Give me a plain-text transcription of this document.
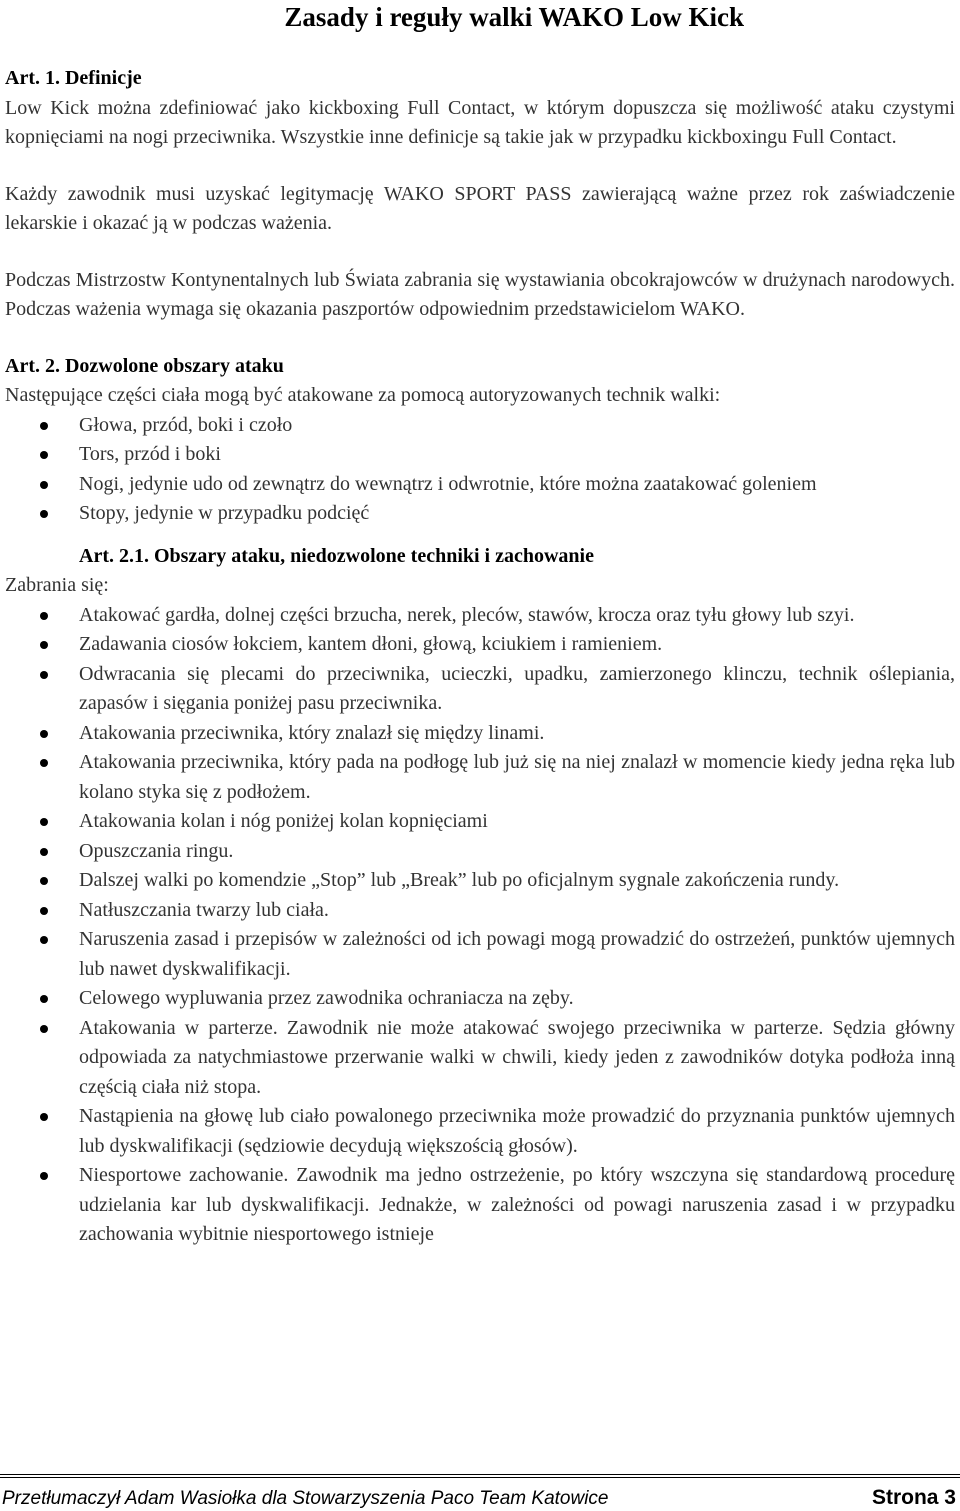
Zasady i reguły walki WAKO Low Kick

Art. 1. Definicje

Low Kick można zdefiniować jako kickboxing Full Contact, w którym dopuszcza się możliwość ataku czystymi kopnięciami na nogi przeciwnika. Wszystkie inne definicje są takie jak w przypadku kickboxingu Full Contact.

Każdy zawodnik musi uzyskać legitymację WAKO SPORT PASS zawierającą ważne przez rok zaświadczenie lekarskie i okazać ją w podczas ważenia.

Podczas Mistrzostw Kontynentalnych lub Świata zabrania się wystawiania obcokrajowców w drużynach narodowych. Podczas ważenia wymaga się okazania paszportów odpowiednim przedstawicielom WAKO.

Art. 2. Dozwolone obszary ataku

Następujące części ciała mogą być atakowane za pomocą autoryzowanych technik walki:

Głowa, przód, boki i czoło
Tors, przód i boki
Nogi, jedynie udo od zewnątrz do wewnątrz i odwrotnie, które można zaatakować goleniem
Stopy, jedynie w przypadku podcięć

Art. 2.1. Obszary ataku, niedozwolone techniki i zachowanie

Zabrania się:

Atakować gardła, dolnej części brzucha, nerek, pleców, stawów, krocza oraz tyłu głowy lub szyi.
Zadawania ciosów łokciem, kantem dłoni, głową, kciukiem i ramieniem.
Odwracania się plecami do przeciwnika, ucieczki, upadku, zamierzonego klinczu, technik oślepiania, zapasów i sięgania poniżej pasu przeciwnika.
Atakowania przeciwnika, który znalazł się między linami.
Atakowania przeciwnika, który pada na podłogę lub już się na niej znalazł w momencie kiedy jedna ręka lub kolano styka się z podłożem.
Atakowania kolan i nóg poniżej kolan kopnięciami
Opuszczania ringu.
Dalszej walki po komendzie „Stop” lub „Break” lub po oficjalnym sygnale zakończenia rundy.
Natłuszczania twarzy lub ciała.
Naruszenia zasad i przepisów w zależności od ich powagi mogą prowadzić do ostrzeżeń, punktów ujemnych lub nawet dyskwalifikacji.
Celowego wypluwania przez zawodnika ochraniacza na zęby.
Atakowania w parterze. Zawodnik nie może atakować swojego przeciwnika w parterze. Sędzia główny odpowiada za natychmiastowe przerwanie walki w chwili, kiedy jeden z zawodników dotyka podłoża inną częścią ciała niż stopa.
Nastąpienia na głowę lub ciało powalonego przeciwnika może prowadzić do przyznania punktów ujemnych lub dyskwalifikacji (sędziowie decydują większością głosów).
Niesportowe zachowanie. Zawodnik ma jedno ostrzeżenie, po który wszczyna się standardową procedurę udzielania kar lub dyskwalifikacji. Jednakże, w zależności od powagi naruszenia zasad i w przypadku zachowania wybitnie niesportowego istnieje
Przetłumaczył Adam Wasiołka dla Stowarzyszenia Paco Team Katowice	Strona 3
